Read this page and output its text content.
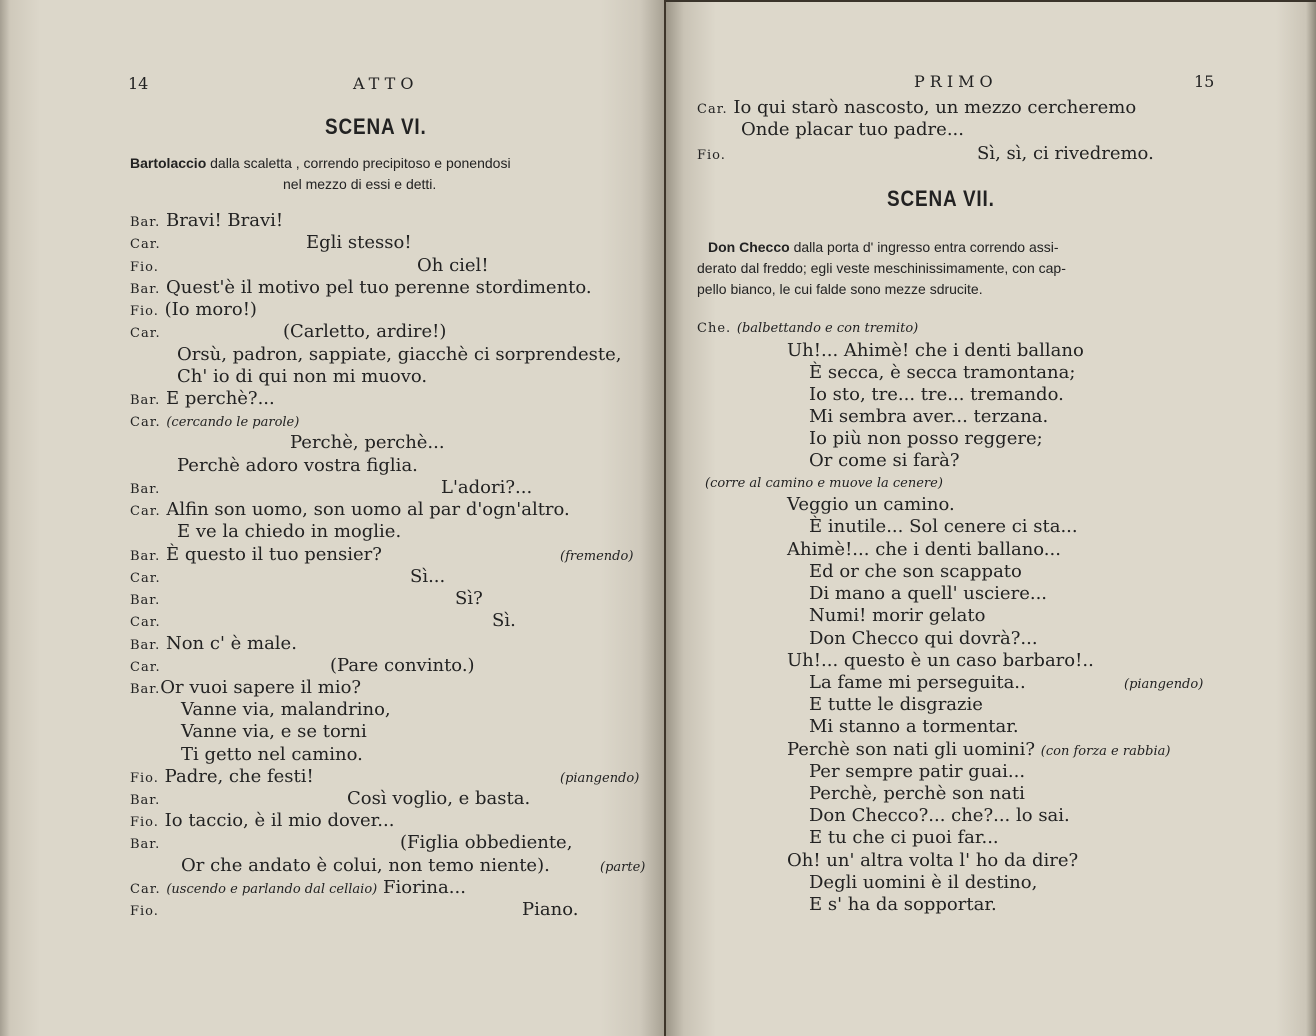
14	ATTO
SCENA VI.
Bartolaccio dalla scaletta , correndo precipitoso e ponendosi
nel mezzo di essi e detti.
Bar. Bravi! Bravi!
Car.	Egli stesso!
Fio.	Oh ciel!
Bar. Quest'è il motivo pel tuo perenne stordimento.
Fio. (Io moro!)
Car.	(Carletto, ardire!)
Orsù, padron, sappiate, giacchè ci sorprendeste,
Ch' io di qui non mi muovo.
Bar. E perchè?...
Car. (cercando le parole)
Perchè, perchè...
Perchè adoro vostra figlia.
Bar.	L'adori?...
Car. Alfin son uomo, son uomo al par d'ogn'altro.
E ve la chiedo in moglie.
Bar. È questo il tuo pensier?	(fremendo)
Car.	Sì...
Bar.	Sì?
Car.	Sì.
Bar. Non c' è male.
Car.	(Pare convinto.)
Bar.Or vuoi sapere il mio?
Vanne via, malandrino,
Vanne via, e se torni
Ti getto nel camino.
Fio. Padre, che festi!	(piangendo)
Bar.	Così voglio, e basta.
Fio. Io taccio, è il mio dover...
Bar.	(Figlia obbediente,
Or che andato è colui, non temo niente).	(parte)
Car. (uscendo e parlando dal cellaio) Fiorina...
Fio.	Piano.
PRIMO	15
Car. Io qui starò nascosto, un mezzo cercheremo
Onde placar tuo padre...
Fio.	Sì, sì, ci rivedremo.
SCENA VII.
Don Checco dalla porta d' ingresso entra correndo assi-
derato dal freddo; egli veste meschinissimamente, con cap-
pello bianco, le cui falde sono mezze sdrucite.
Che. (balbettando e con tremito)
Uh!... Ahimè! che i denti ballano
È secca, è secca tramontana;
Io sto, tre... tre... tremando.
Mi sembra aver... terzana.
Io più non posso reggere;
Or come si farà?
(corre al camino e muove la cenere)
Veggio un camino.
È inutile... Sol cenere ci sta...
Ahimè!... che i denti ballano...
Ed or che son scappato
Di mano a quell' usciere...
Numi! morir gelato
Don Checco qui dovrà?...
Uh!... questo è un caso barbaro!..
La fame mi perseguita..	(piangendo)
E tutte le disgrazie
Mi stanno a tormentar.
Perchè son nati gli uomini? (con forza e rabbia)
Per sempre patir guai...
Perchè, perchè son nati
Don Checco?... che?... lo sai.
E tu che ci puoi far...
Oh! un' altra volta l' ho da dire?
Degli uomini è il destino,
E s' ha da sopportar.
